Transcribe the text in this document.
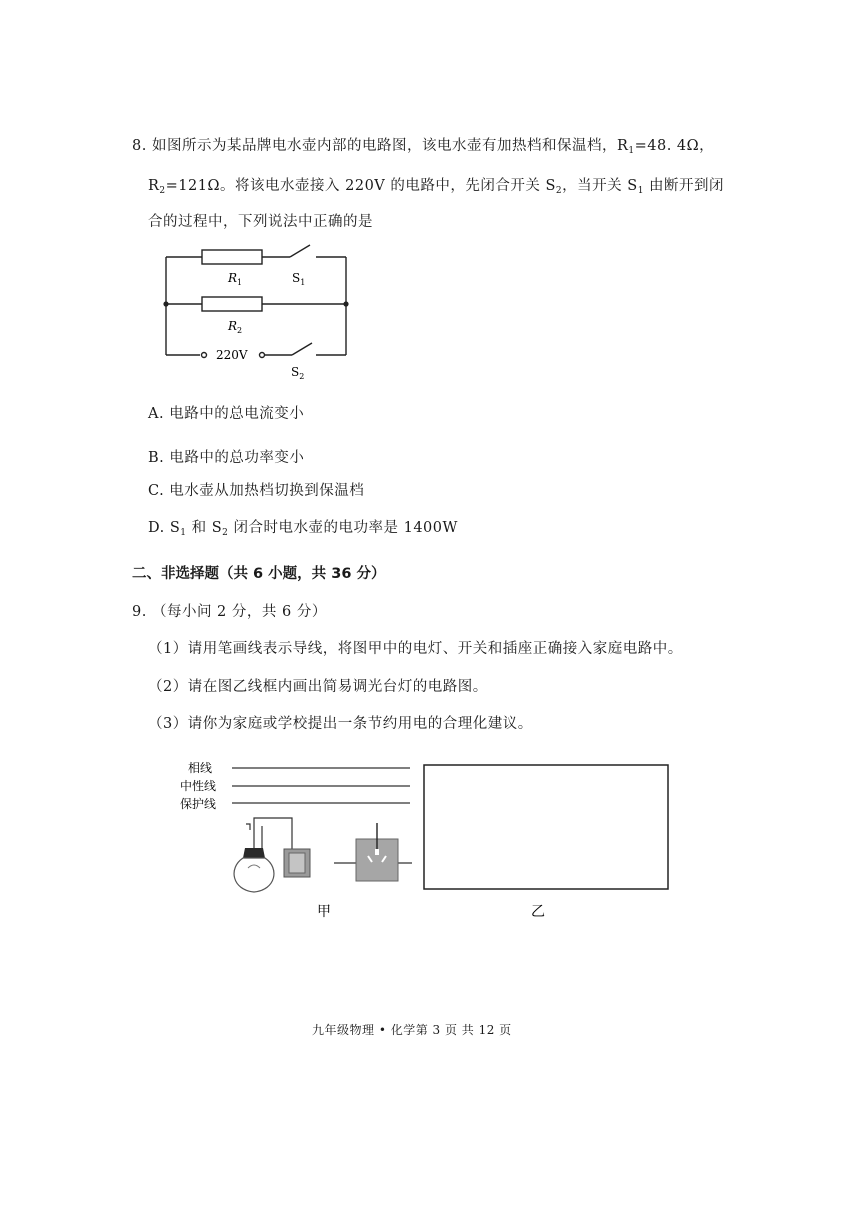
8. 如图所示为某品牌电水壶内部的电路图，该电水壶有加热档和保温档，$R_1=48$. 4Ω，
$R_2=121\Omega$。将该电水壶接入 220V 的电路中，先闭合开关 $S_2$，当开关 $S_1$ 由断开到闭
合的过程中，下列说法中正确的是
$R_1$	$S_1$
$R_2$
220V
$S_2$
A. 电路中的总电流变小
B. 电路中的总功率变小
C. 电水壶从加热档切换到保温档
D. $S_1$ 和 $S_2$ 闭合时电水壶的电功率是 1400W
二、非选择题（共 6 小题，共 36 分）
9. （每小问 2 分，共 6 分）
（1）请用笔画线表示导线，将图甲中的电灯、开关和插座正确接入家庭电路中。
（2）请在图乙线框内画出简易调光台灯的电路图。
（3）请你为家庭或学校提出一条节约用电的合理化建议。
相线
中性线
保护线
甲	乙
九年级物理 • 化学第 3 页 共 12 页
